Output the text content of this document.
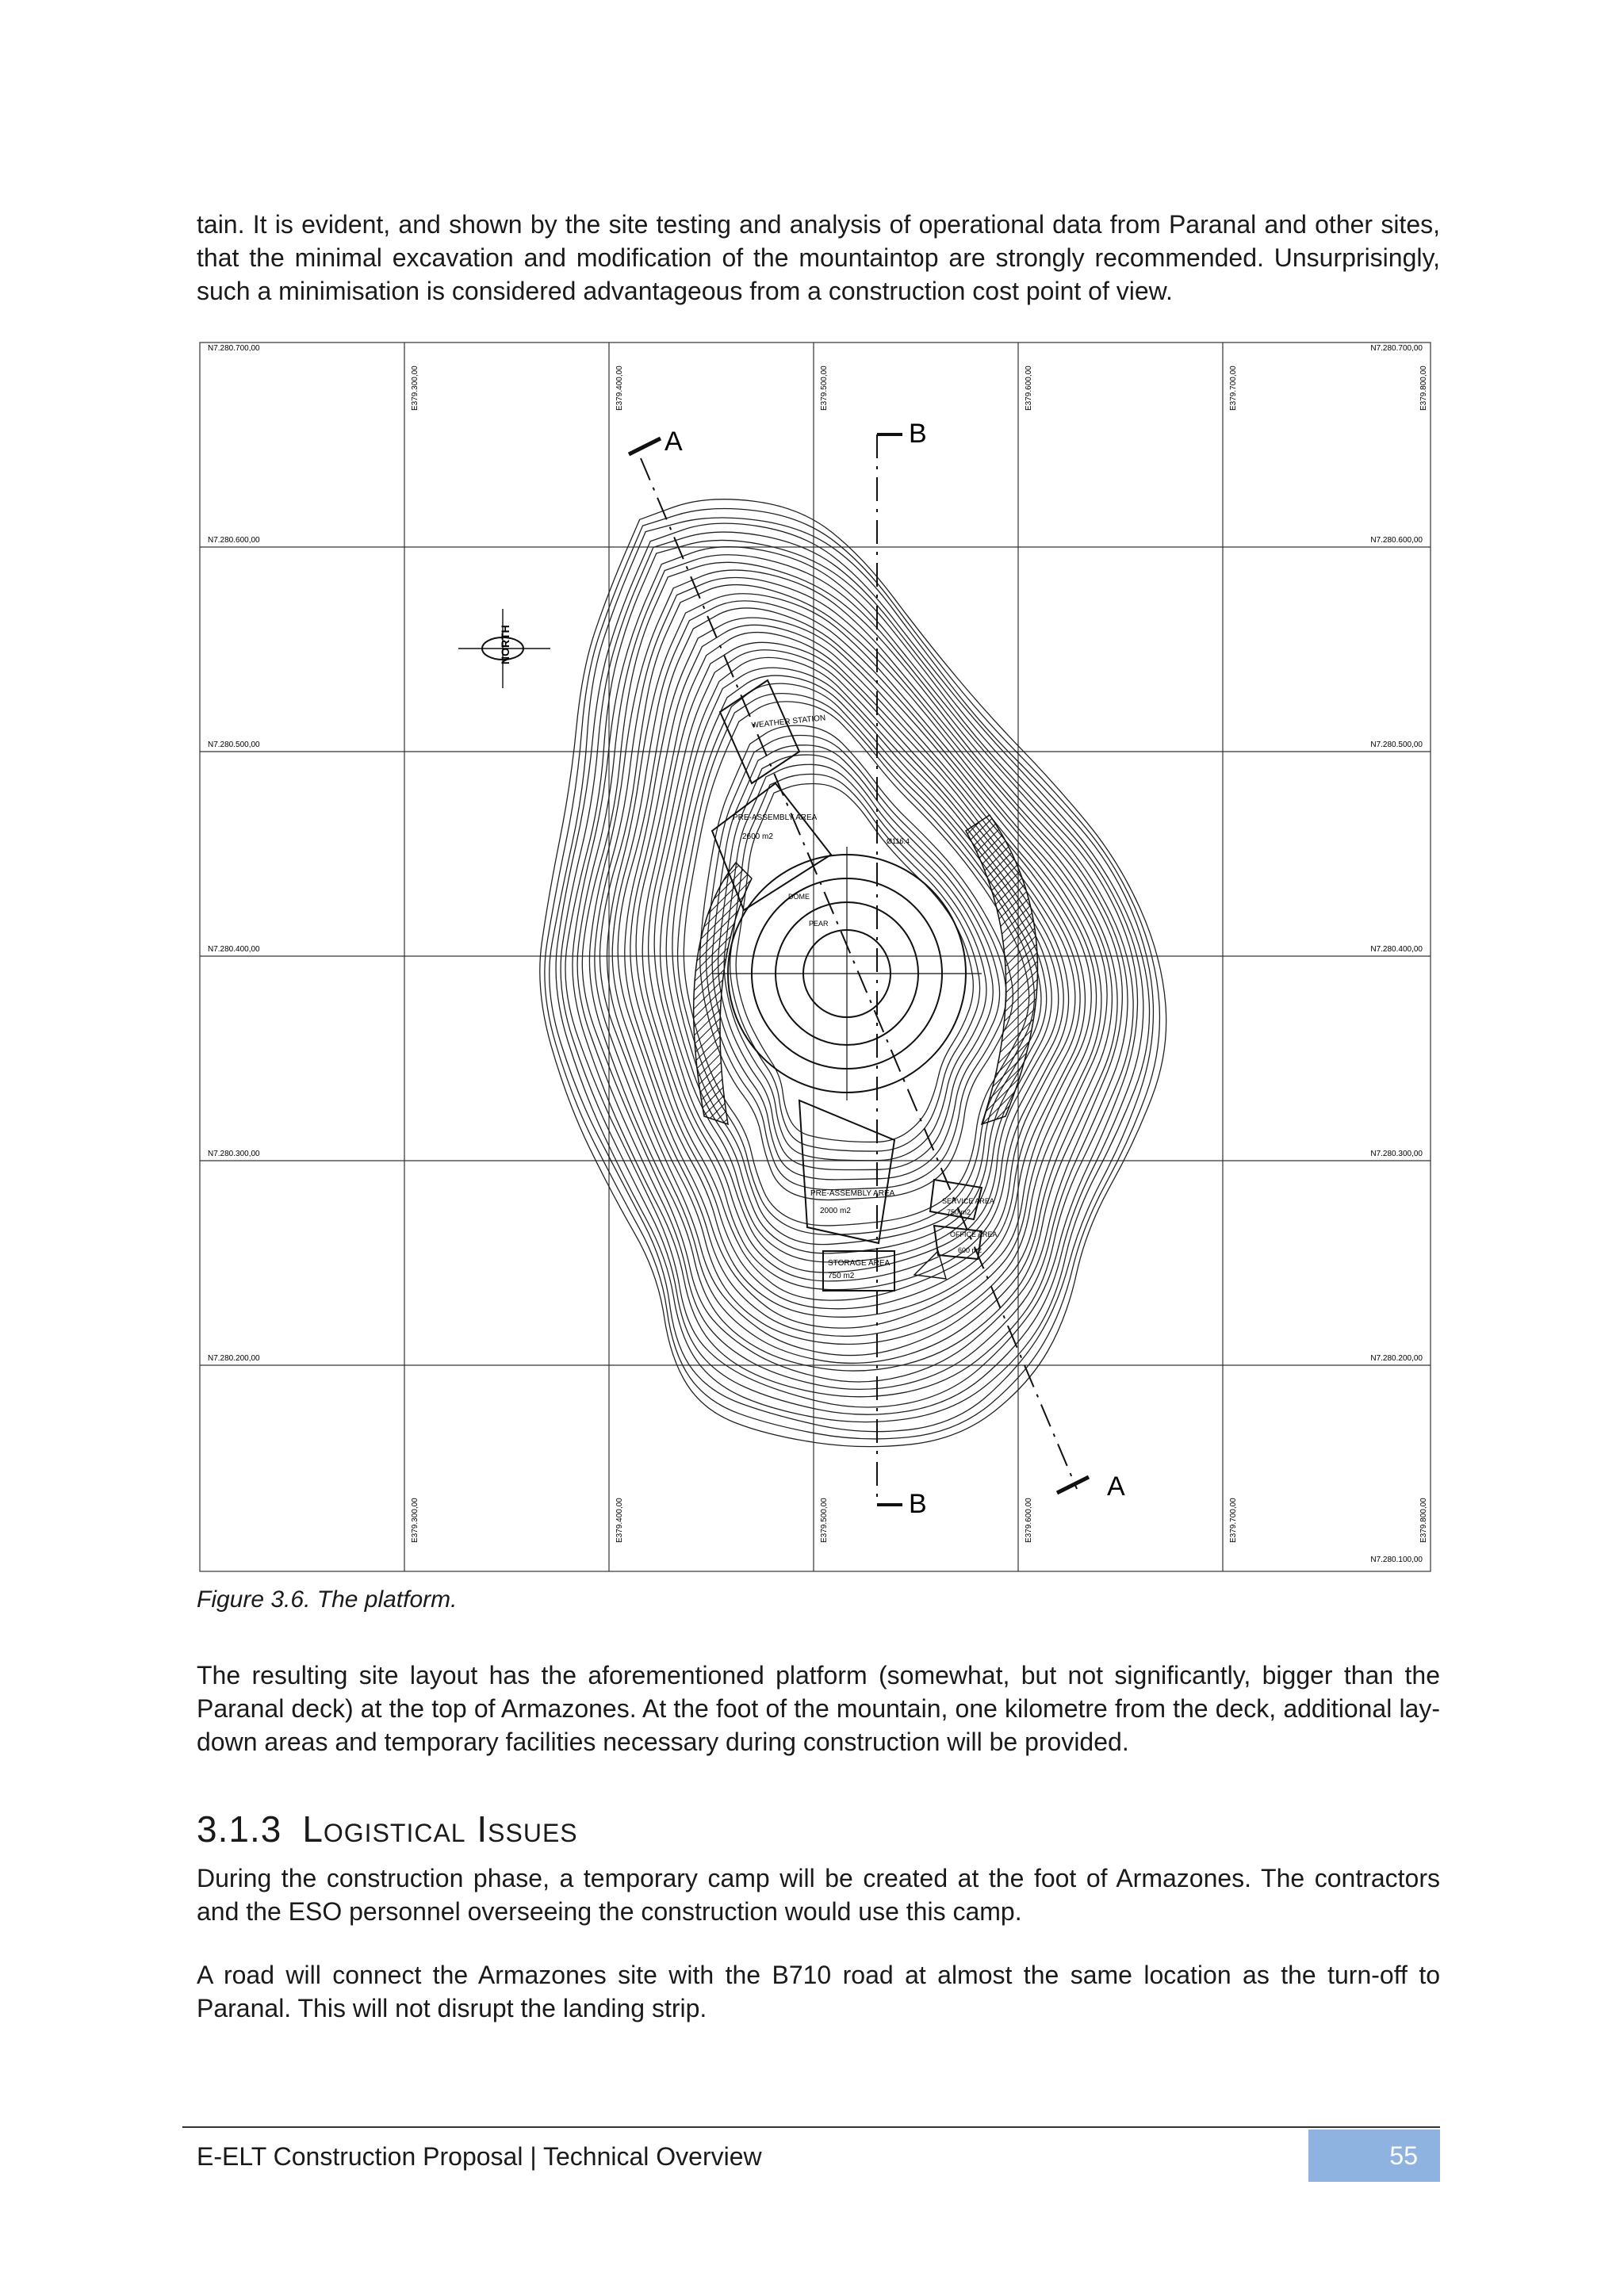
tain. It is evident, and shown by the site testing and analysis of operational data from Paranal and other sites, that the minimal excavation and modification of the mountaintop are strongly recommended. Unsurprisingly, such a minimisation is considered advantageous from a construction cost point of view.

N7.280.700,00
N7.280.600,00
N7.280.500,00
N7.280.400,00
N7.280.300,00
N7.280.200,00
N7.280.700,00
N7.280.600,00
N7.280.500,00
N7.280.400,00
N7.280.300,00
N7.280.200,00
N7.280.100,00
E379.300,00	E379.400,00	E379.500,00	E379.600,00	E379.700,00	E379.800,00
E379.300,00	E379.400,00	E379.500,00	E379.600,00	E379.700,00	E379.800,00
A	B
A
B
NORTH
WEATHER STATION
PRE-ASSEMBLY AREA
2600 m2
DOME
PEAR
Ø116.4
PRE-ASSEMBLY AREA
2000 m2
STORAGE AREA
750 m2
SERVICE AREA
750 m2
OFFICE AREA
600 m2

Figure 3.6. The platform.

The resulting site layout has the aforementioned platform (somewhat, but not significantly, bigger than the Paranal deck) at the top of Armazones. At the foot of the mountain, one kilometre from the deck, additional lay-down areas and temporary facilities necessary during construction will be provided.

3.1.3 Logistical Issues

During the construction phase, a temporary camp will be created at the foot of Armazones. The contractors and the ESO personnel overseeing the construction would use this camp.

A road will connect the Armazones site with the B710 road at almost the same location as the turn-off to Paranal. This will not disrupt the landing strip.

E-ELT Construction Proposal | Technical Overview	55
